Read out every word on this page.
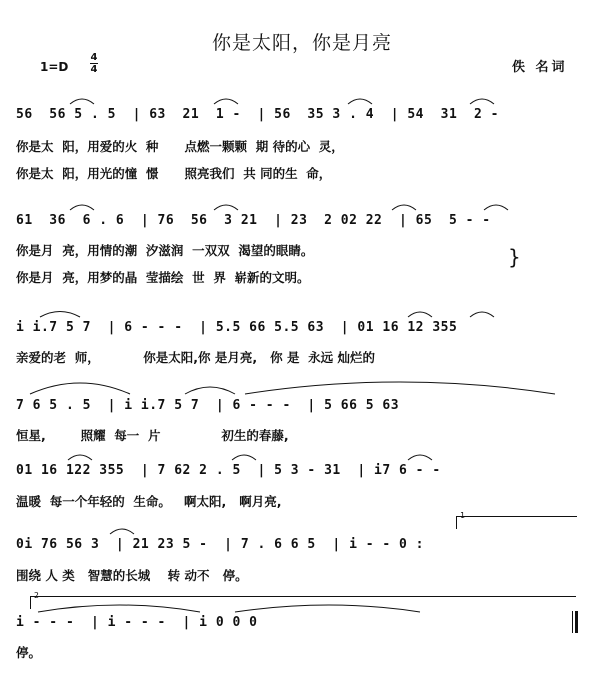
你是太阳，你是月亮
1=D
4
4	佚 名词
56  56 5 . 5  | 63  21  1 -  | 56  35 3 . 4  | 54  31  2 -
你是太  阳，用爱的火  种      点燃一颗颗  期 待的心  灵，
你是太  阳，用光的憧  憬      照亮我们  共 同的生  命，
61  36  6 . 6  | 76  56  3 21  | 23  2 02 22  | 65  5 - -
你是月  亮，用情的潮  汐滋润  一双双  渴望的眼睛。
你是月  亮，用梦的晶  莹描绘  世  界  崭新的文明。
}
i i.7 5 7  | 6 - - -  | 5.5 66 5.5 63  | 01 16 12 355
亲爱的老  师，          你是太阳,你 是月亮,   你 是  永远 灿烂的
7 6 5 . 5  | i i.7 5 7  | 6 - - -  | 5 66 5 63
恒星,        照耀  每一  片              初生的春藤,
01 16 122 355  | 7 62 2 . 5  | 5 3 - 31  | i7 6 - -
温暖  每一个年轻的  生命。   啊太阳,   啊月亮,
1
0i 76 56 3  | 21 23 5 -  | 7 . 6 6 5  | i - - 0 :
围绕 人 类   智慧的长城    转 动不   停。
2
i - - -  | i - - -  | i 0 0 0
停。
